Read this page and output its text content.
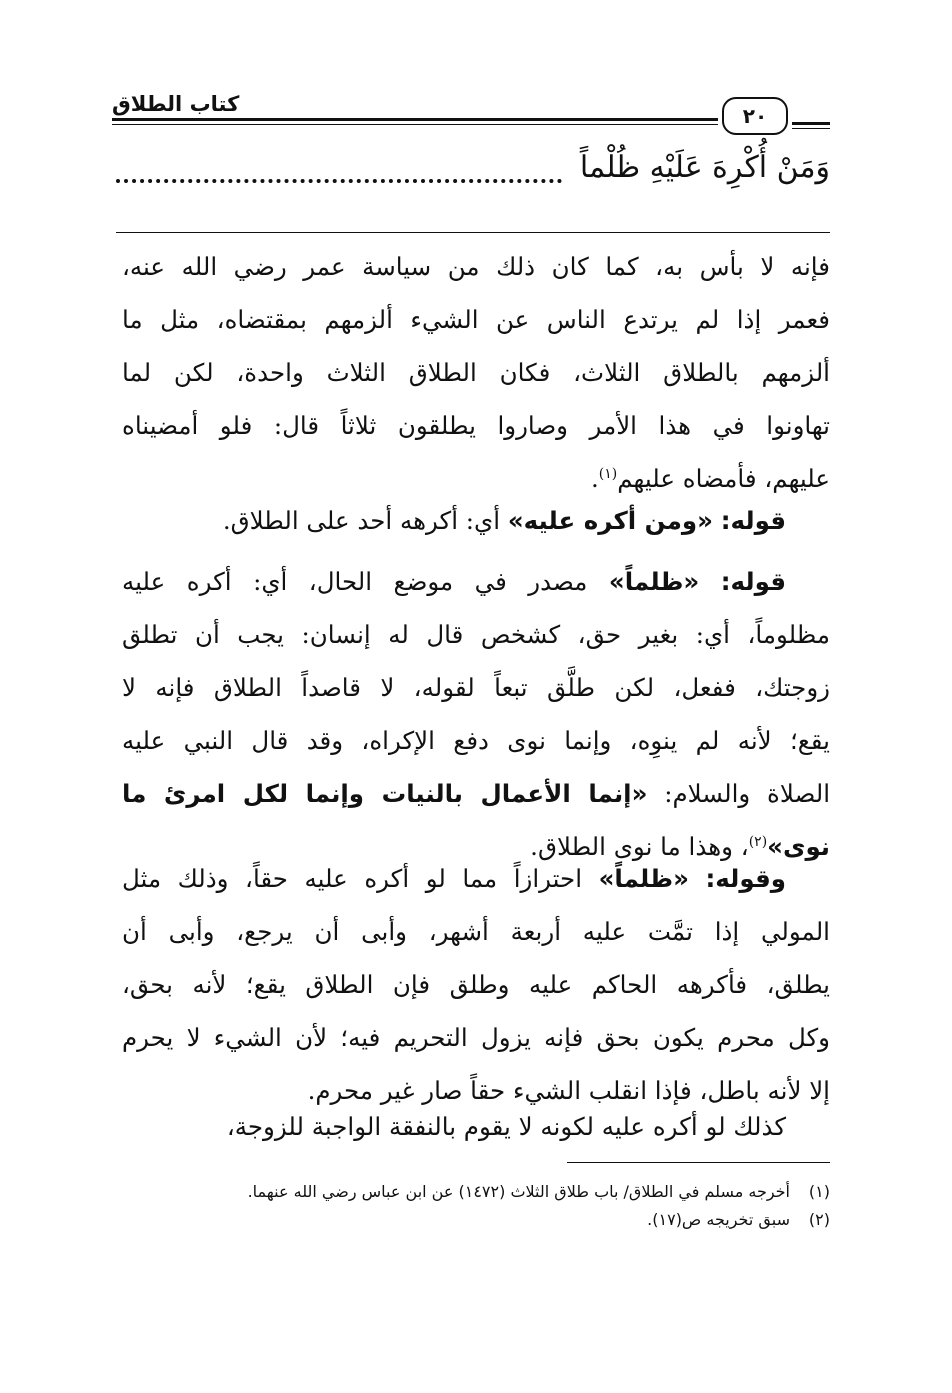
كتاب الطلاق	٢٠
وَمَنْ أُكْرِهَ عَلَيْهِ ظُلْماً
فإنه لا بأس به، كما كان ذلك من سياسة عمر رضي الله عنه،
فعمر إذا لم يرتدع الناس عن الشيء ألزمهم بمقتضاه، مثل ما
ألزمهم بالطلاق الثلاث، فكان الطلاق الثلاث واحدة، لكن لما
تهاونوا في هذا الأمر وصاروا يطلقون ثلاثاً قال: فلو أمضيناه
عليهم، فأمضاه عليهم$^{(١)}$.
قوله: «ومن أكره عليه» أي: أكرهه أحد على الطلاق.
قوله: «ظلماً» مصدر في موضع الحال، أي: أكره عليه
مظلوماً، أي: بغير حق، كشخص قال له إنسان: يجب أن تطلق
زوجتك، ففعل، لكن طلَّق تبعاً لقوله، لا قاصداً الطلاق فإنه لا
يقع؛ لأنه لم ينوِه، وإنما نوى دفع الإكراه، وقد قال النبي عليه
الصلاة والسلام: «إنما الأعمال بالنيات وإنما لكل امرئ ما
نوى»$^{(٢)}$، وهذا ما نوى الطلاق.
وقوله: «ظلماً» احترازاً مما لو أكره عليه حقاً، وذلك مثل
المولي إذا تمَّت عليه أربعة أشهر، وأبى أن يرجع، وأبى أن
يطلق، فأكرهه الحاكم عليه وطلق فإن الطلاق يقع؛ لأنه بحق،
وكل محرم يكون بحق فإنه يزول التحريم فيه؛ لأن الشيء لا يحرم
إلا لأنه باطل، فإذا انقلب الشيء حقاً صار غير محرم.
كذلك لو أكره عليه لكونه لا يقوم بالنفقة الواجبة للزوجة،
(١)
أخرجه مسلم في الطلاق/ باب طلاق الثلاث (١٤٧٢) عن ابن عباس رضي الله عنهما.
(٢)
سبق تخريجه ص(١٧).
